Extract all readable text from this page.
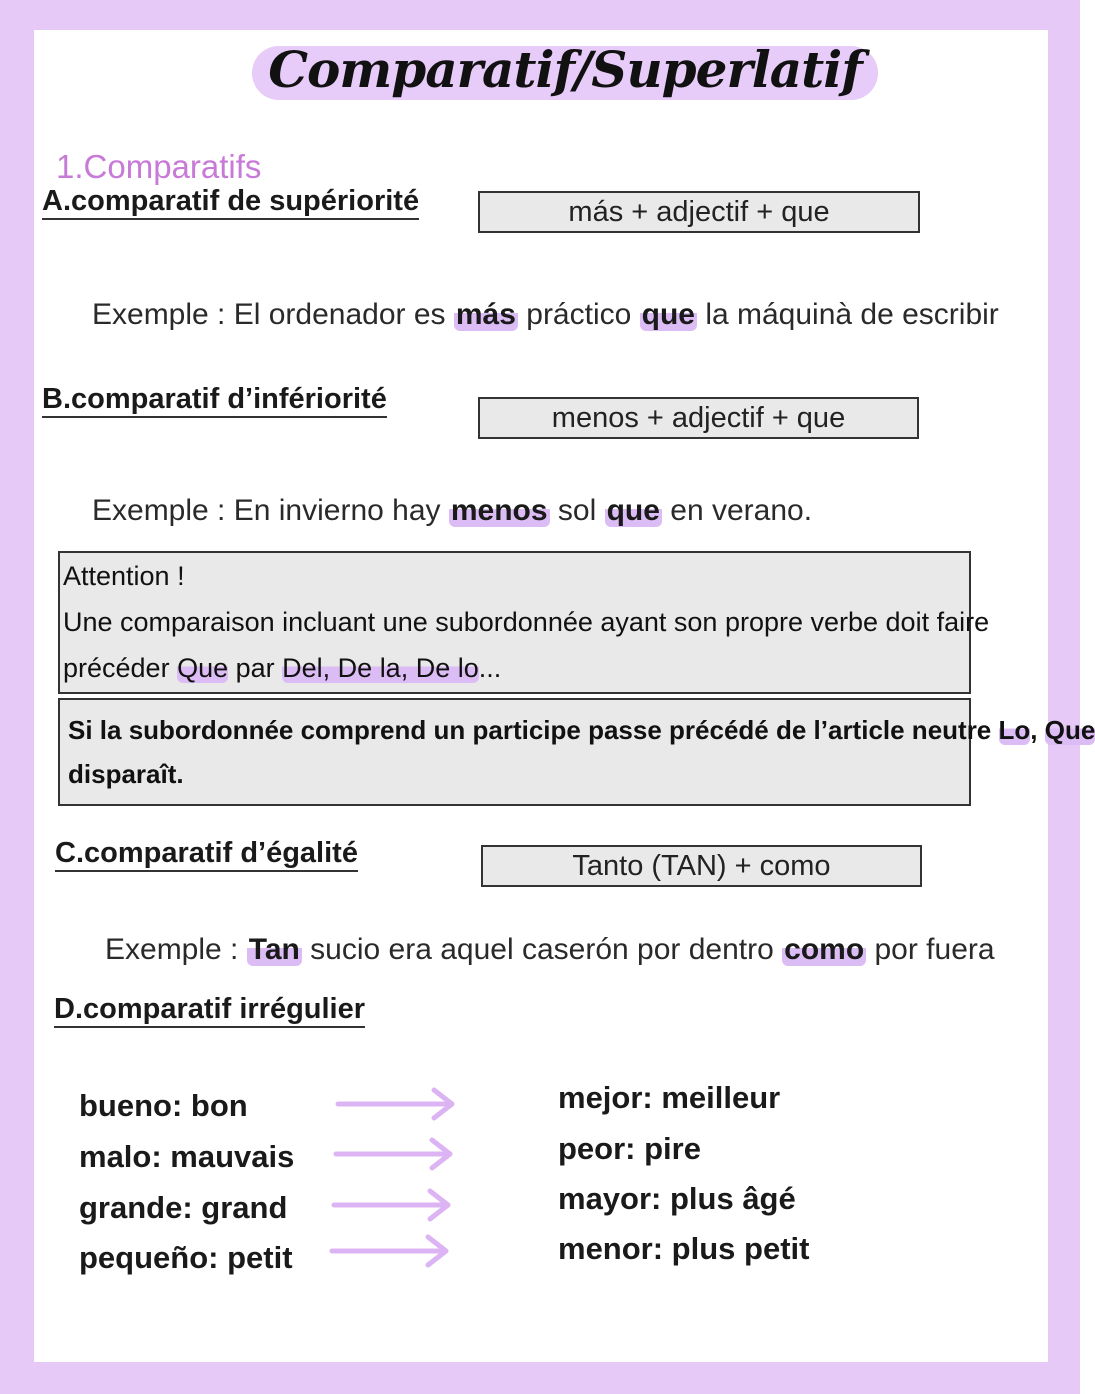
Comparatif/Superlatif
1.Comparatifs
A.comparatif de supériorité	más + adjectif + que
Exemple : El ordenador es más práctico que la máquinà de escribir
B.comparatif d’infériorité
menos + adjectif + que
Exemple : En invierno hay menos sol que en verano.
Attention !
Une comparaison incluant une subordonnée ayant son propre verbe doit faire
précéder Que par Del, De la, De lo...
Si la subordonnée comprend un participe passe précédé de l’article neutre Lo, Que
disparaît.
C.comparatif d’égalité	Tanto (TAN) + como
Exemple : Tan sucio era aquel caserón por dentro como por fuera
D.comparatif irrégulier
bueno: bon
malo: mauvais
grande: grand
pequeño: petit
mejor: meilleur
peor: pire
mayor: plus âgé
menor: plus petit
